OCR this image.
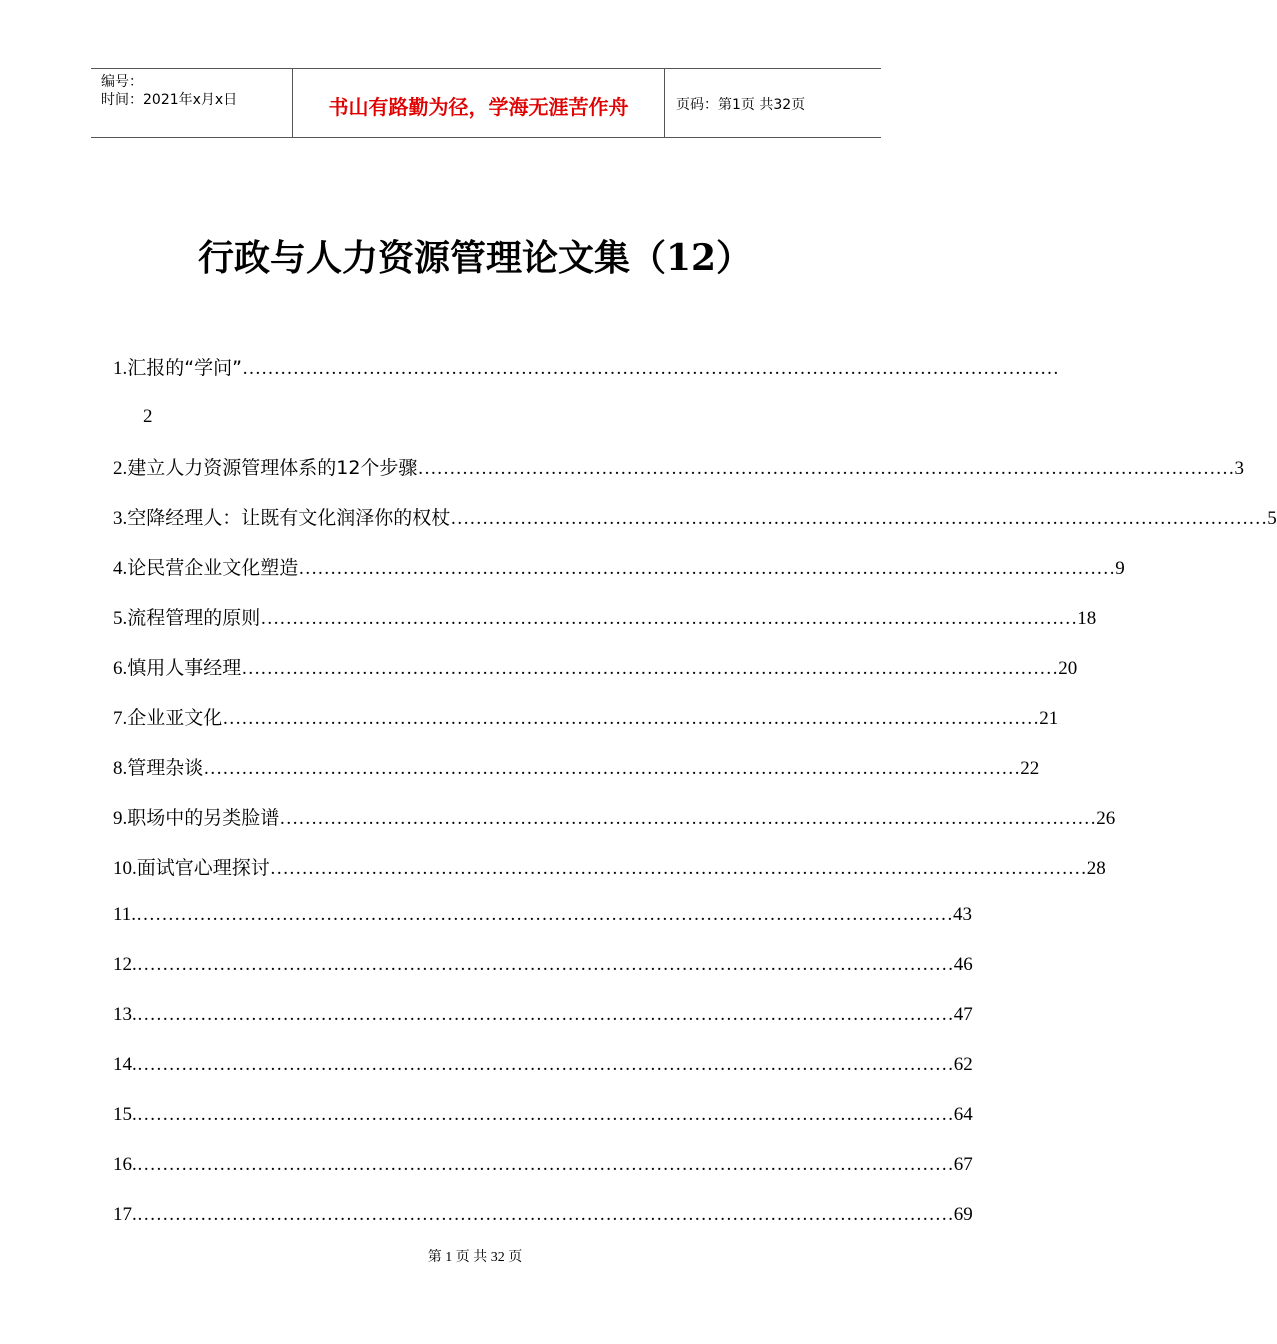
编号：
时间：2021年x月x日	书山有路勤为径，学海无涯苦作舟	页码：第1页 共32页
行政与人力资源管理论文集（12）
1. 汇报的“学问” …………………………………………………………………………………………………………………
2
2. 建立人力资源管理体系的12个步骤 ………………………………………………………………………………………………………………… 3
3. 空降经理人：让既有文化润泽你的权杖 ………………………………………………………………………………………………………………… 5
4. 论民营企业文化塑造 ………………………………………………………………………………………………………………… 9
5. 流程管理的原则 ………………………………………………………………………………………………………………… 18
6. 慎用人事经理 ………………………………………………………………………………………………………………… 20
7. 企业亚文化 ………………………………………………………………………………………………………………… 21
8. 管理杂谈 ………………………………………………………………………………………………………………… 22
9. 职场中的另类脸谱 ………………………………………………………………………………………………………………… 26
10. 面试官心理探讨 ………………………………………………………………………………………………………………… 28
11. ………………………………………………………………………………………………………………… 43
12. ………………………………………………………………………………………………………………… 46
13. ………………………………………………………………………………………………………………… 47
14. ………………………………………………………………………………………………………………… 62
15. ………………………………………………………………………………………………………………… 64
16. ………………………………………………………………………………………………………………… 67
17. ………………………………………………………………………………………………………………… 69
第 1 页 共 32 页
